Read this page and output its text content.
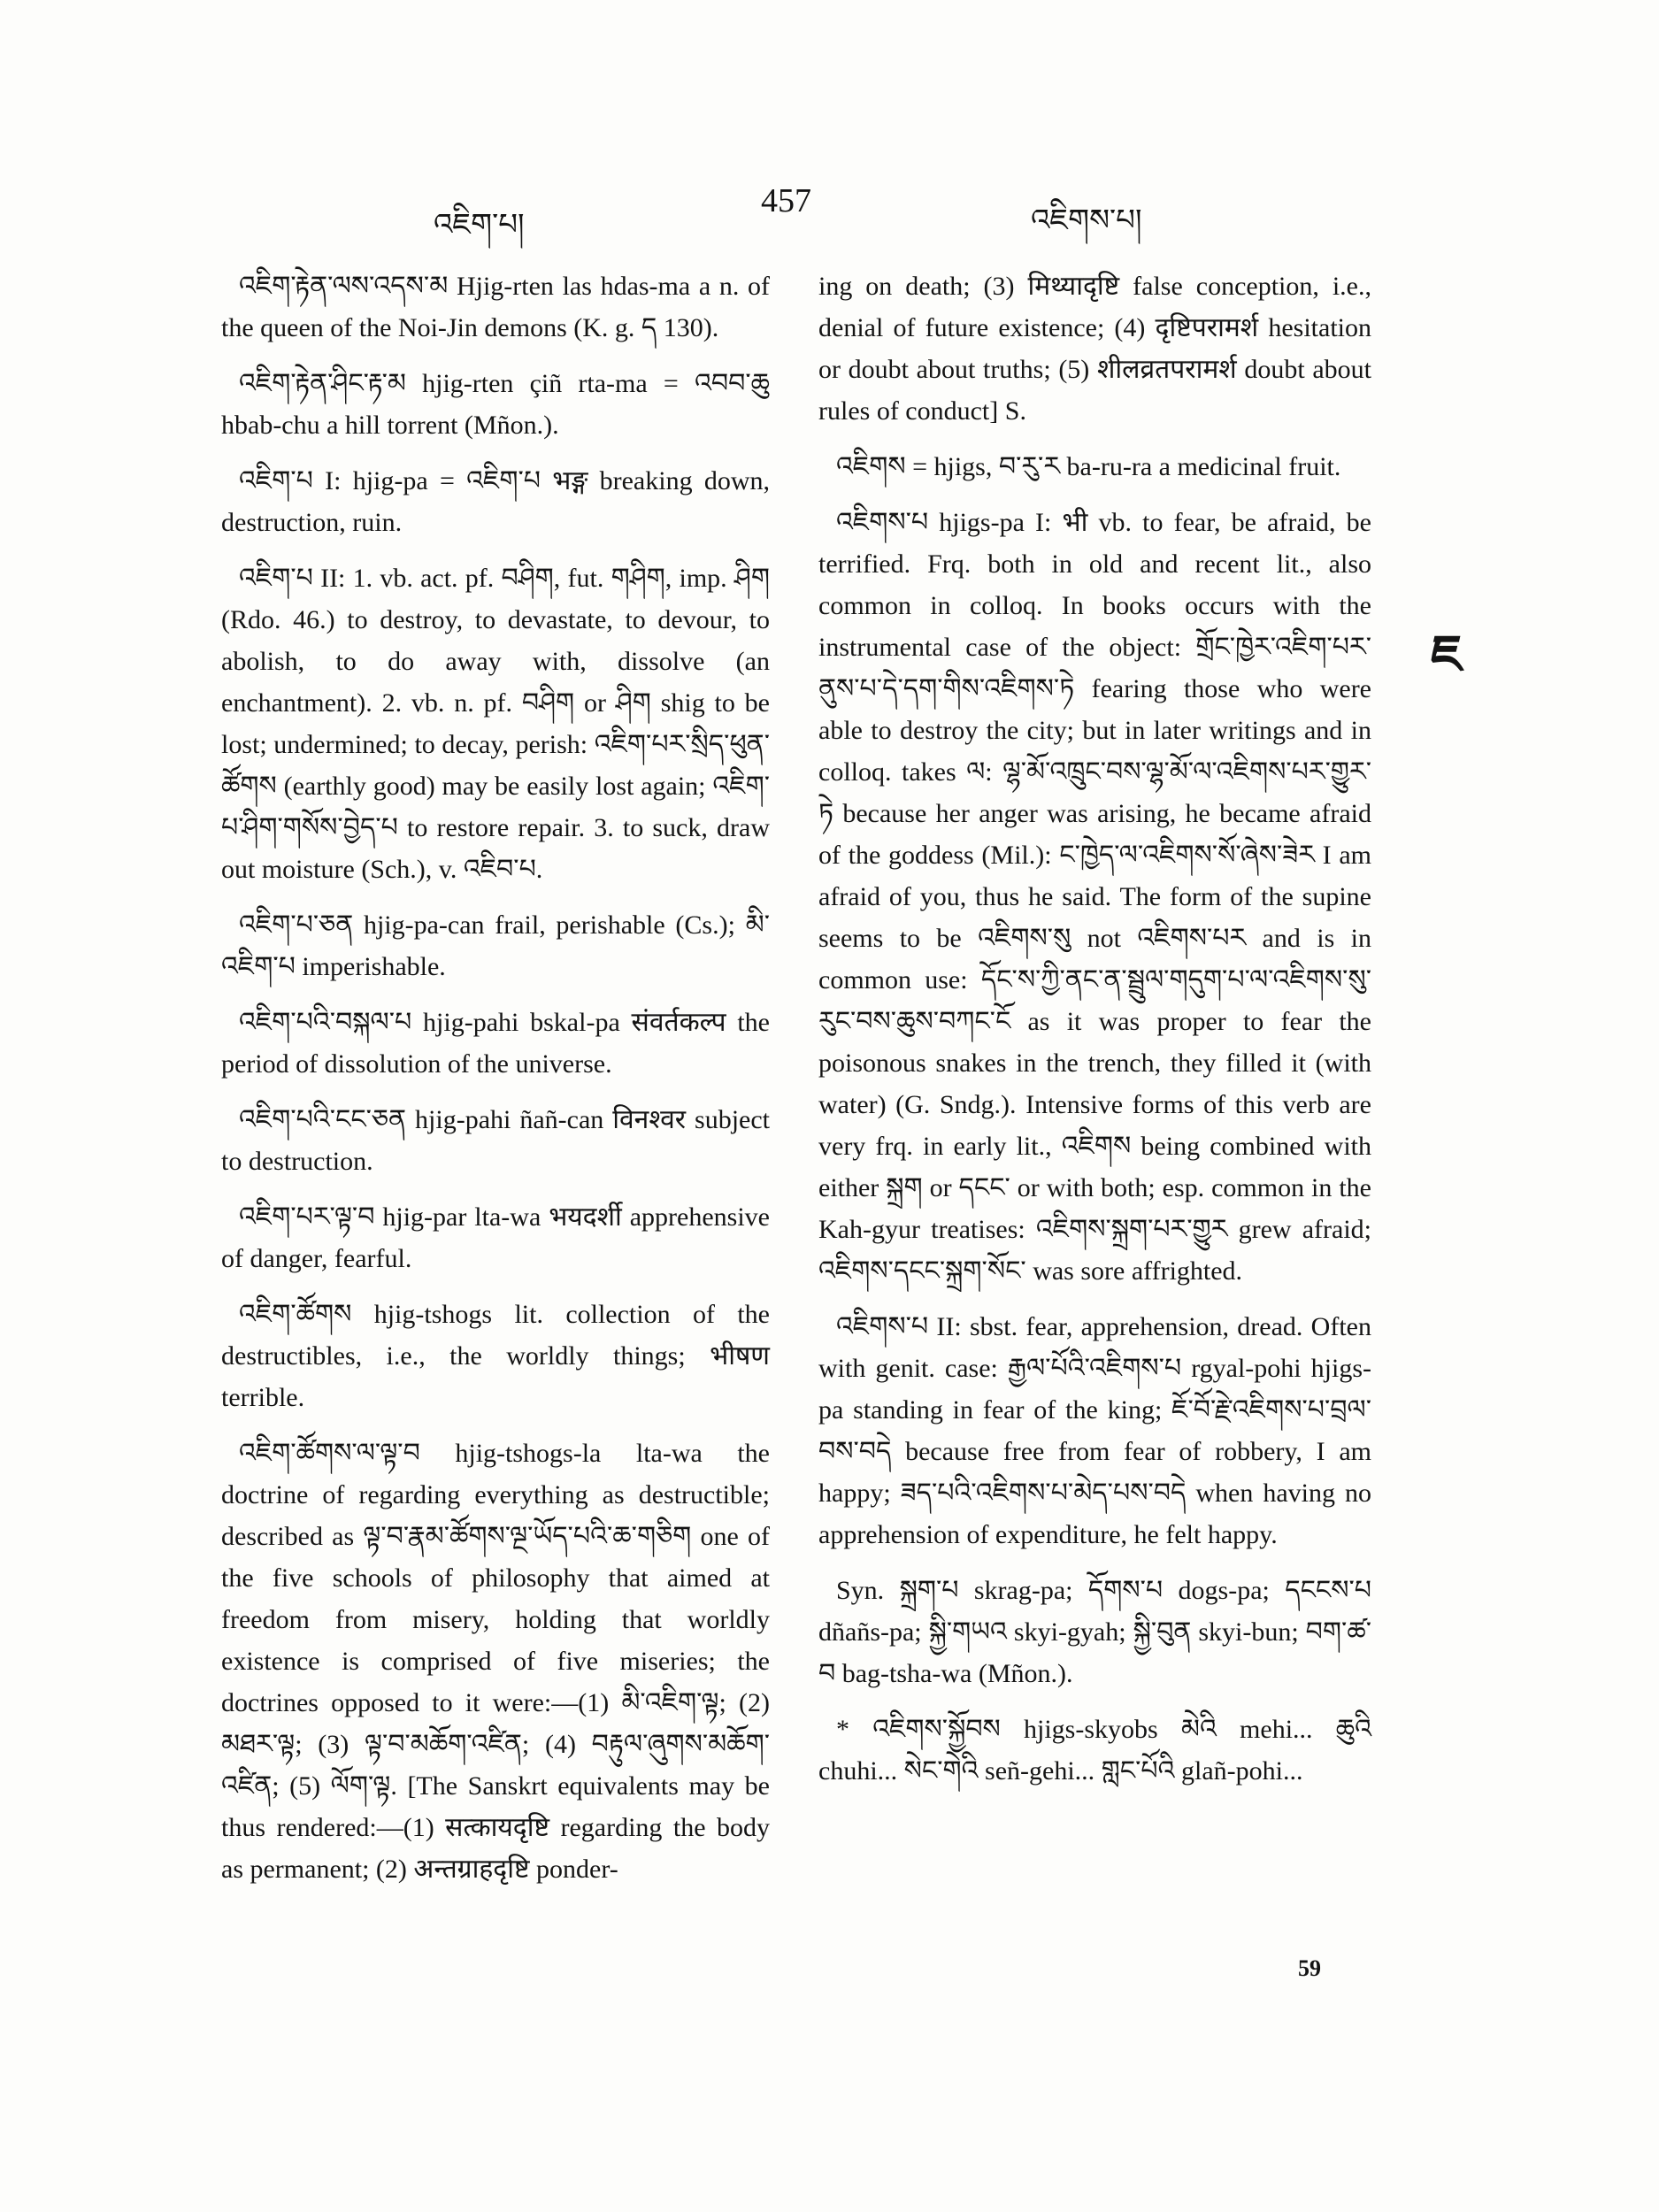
འཇིག་པ།
457
འཇིགས་པ།
ཇ

འཇིག་རྟེན་ལས་འདས་མ Hjig-rten las hdas-ma a n. of the queen of the Noi-Jin demons (K. g. ད 130).

འཇིག་རྟེན་ཤིང་རྟ་མ hjig-rten çiñ rta-ma = འབབ་ཆུ hbab-chu a hill torrent (Mñon.).

འཇིག་པ I: hjig-pa = འཇིག་པ भङ्ग breaking down, destruction, ruin.

འཇིག་པ II: 1. vb. act. pf. བཤིག, fut. གཤིག, imp. ཤིག (Rdo. 46.) to destroy, to devastate, to devour, to abolish, to do away with, dissolve (an enchantment). 2. vb. n. pf. བཤིག or ཤིག shig to be lost; undermined; to decay, perish: འཇིག་པར་སྲིད་ཕུན་ཚོགས (earthly good) may be easily lost again; འཇིག་པ་ཤིག་གསོས་བྱེད་པ to restore repair. 3. to suck, draw out moisture (Sch.), v. འཇིབ་པ.

འཇིག་པ་ཅན hjig-pa-can frail, perishable (Cs.); མི་འཇིག་པ imperishable.

འཇིག་པའི་བསྐལ་པ hjig-pahi bskal-pa संवर्तकल्प the period of dissolution of the universe.

འཇིག་པའི་ངང་ཅན hjig-pahi ñañ-can विनश्वर subject to destruction.

འཇིག་པར་ལྟ་བ hjig-par lta-wa भयदर्शी apprehensive of danger, fearful.

འཇིག་ཚོགས hjig-tshogs lit. collection of the destructibles, i.e., the worldly things; भीषण terrible.

འཇིག་ཚོགས་ལ་ལྟ་བ hjig-tshogs-la lta-wa the doctrine of regarding everything as destructible; described as ལྟ་བ་རྣམ་ཚོགས་ལྔ་ཡོད་པའི་ཆ་གཅིག one of the five schools of philosophy that aimed at freedom from misery, holding that worldly existence is comprised of five miseries; the doctrines opposed to it were:—(1) མི་འཇིག་ལྟ; (2) མཐར་ལྟ; (3) ལྟ་བ་མཆོག་འཛིན; (4) བརྟུལ་ཞུགས་མཆོག་འཛིན; (5) ལོག་ལྟ. [The Sanskrt equivalents may be thus rendered:—(1) सत्कायदृष्टि regarding the body as permanent; (2) अन्तग्राहदृष्टि ponder-

ing on death; (3) मिथ्यादृष्टि false conception, i.e., denial of future existence; (4) दृष्टिपरामर्श hesitation or doubt about truths; (5) शीलव्रतपरामर्श doubt about rules of conduct] S.

འཇིགས = hjigs, བ་རུ་ར ba-ru-ra a medicinal fruit.

འཇིགས་པ hjigs-pa I: भी vb. to fear, be afraid, be terrified. Frq. both in old and recent lit., also common in colloq. In books occurs with the instrumental case of the object: གྲོང་ཁྱེར་འཇིག་པར་ནུས་པ་དེ་དག་གིས་འཇིགས་ཏེ fearing those who were able to destroy the city; but in later writings and in colloq. takes ལ: ལྷ་མོ་འཁྲུང་བས་ལྷ་མོ་ལ་འཇིགས་པར་གྱུར་ཏེ because her anger was arising, he became afraid of the goddess (Mil.): ང་ཁྱེད་ལ་འཇིགས་སོ་ཞེས་ཟེར I am afraid of you, thus he said. The form of the supine seems to be འཇིགས་སུ not འཇིགས་པར and is in common use: དོང་ས་ཀྱི་ནང་ན་སྦྲུལ་གདུག་པ་ལ་འཇིགས་སུ་རུང་བས་ཆུས་བཀང་ངོ as it was proper to fear the poisonous snakes in the trench, they filled it (with water) (G. Sndg.). Intensive forms of this verb are very frq. in early lit., འཇིགས being combined with either སྐྲག or དངང་ or with both; esp. common in the Kah-gyur treatises: འཇིགས་སྐྲག་པར་གྱུར grew afraid; འཇིགས་དངང་སྐྲག་སོང་ was sore affrighted.

འཇིགས་པ II: sbst. fear, apprehension, dread. Often with genit. case: རྒྱལ་པོའི་འཇིགས་པ rgyal-pohi hjigs-pa standing in fear of the king; ཇོ་བོ་རྗེ་འཇིགས་པ་བྲལ་བས་བདེ because free from fear of robbery, I am happy; ཟད་པའི་འཇིགས་པ་མེད་པས་བདེ when having no apprehension of expenditure, he felt happy.

Syn. སྐྲག་པ skrag-pa; དོགས་པ dogs-pa; དངངས་པ dñañs-pa; སྐྱི་གཡའ skyi-gyah; སྐྱི་བུན skyi-bun; བག་ཚ་བ bag-tsha-wa (Mñon.).

* འཇིགས་སྐྱོབས hjigs-skyobs མེའི mehi... ཆུའི chuhi... སེང་གེའི señ-gehi... གླང་པོའི glañ-pohi...

59
